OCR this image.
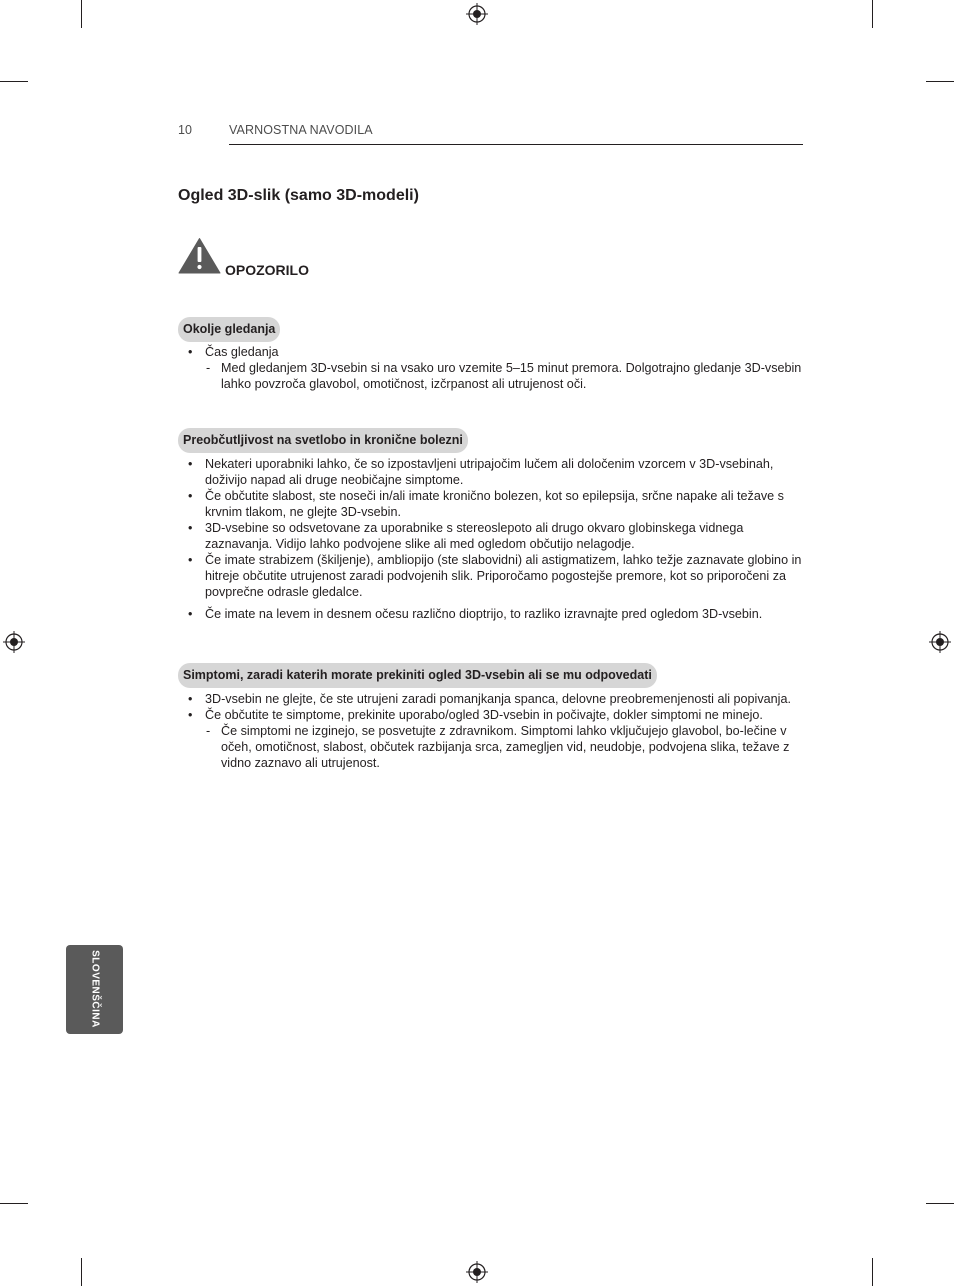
10	VARNOSTNA NAVODILA
Ogled 3D-slik (samo 3D-modeli)
OPOZORILO
Okolje gledanja
• Čas gledanja
- Med gledanjem 3D-vsebin si na vsako uro vzemite 5–15 minut premora. Dolgotrajno gledanje 3D-vsebin lahko povzroča glavobol, omotičnost, izčrpanost ali utrujenost oči.
Preobčutljivost na svetlobo in kronične bolezni
• Nekateri uporabniki lahko, če so izpostavljeni utripajočim lučem ali določenim vzorcem v 3D-vsebinah, doživijo napad ali druge neobičajne simptome.
• Če občutite slabost, ste noseči in/ali imate kronično bolezen, kot so epilepsija, srčne napake ali težave s krvnim tlakom, ne glejte 3D-vsebin.
• 3D-vsebine so odsvetovane za uporabnike s stereoslepoto ali drugo okvaro globinskega vidnega zaznavanja. Vidijo lahko podvojene slike ali med ogledom občutijo nelagodje.
• Če imate strabizem (škiljenje), ambliopijo (ste slabovidni) ali astigmatizem, lahko težje zaznavate globino in hitreje občutite utrujenost zaradi podvojenih slik. Priporočamo pogostejše premore, kot so priporočeni za povprečne odrasle gledalce.
• Če imate na levem in desnem očesu različno dioptrijo, to razliko izravnajte pred ogledom 3D-vsebin.
Simptomi, zaradi katerih morate prekiniti ogled 3D-vsebin ali se mu odpovedati
• 3D-vsebin ne glejte, če ste utrujeni zaradi pomanjkanja spanca, delovne preobremenjenosti ali popivanja.
• Če občutite te simptome, prekinite uporabo/ogled 3D-vsebin in počivajte, dokler simptomi ne minejo.
- Če simptomi ne izginejo, se posvetujte z zdravnikom. Simptomi lahko vključujejo glavobol, bo-lečine v očeh, omotičnost, slabost, občutek razbijanja srca, zamegljen vid, neudobje, podvojena slika, težave z vidno zaznavo ali utrujenost.
SLOVENŠČINA
